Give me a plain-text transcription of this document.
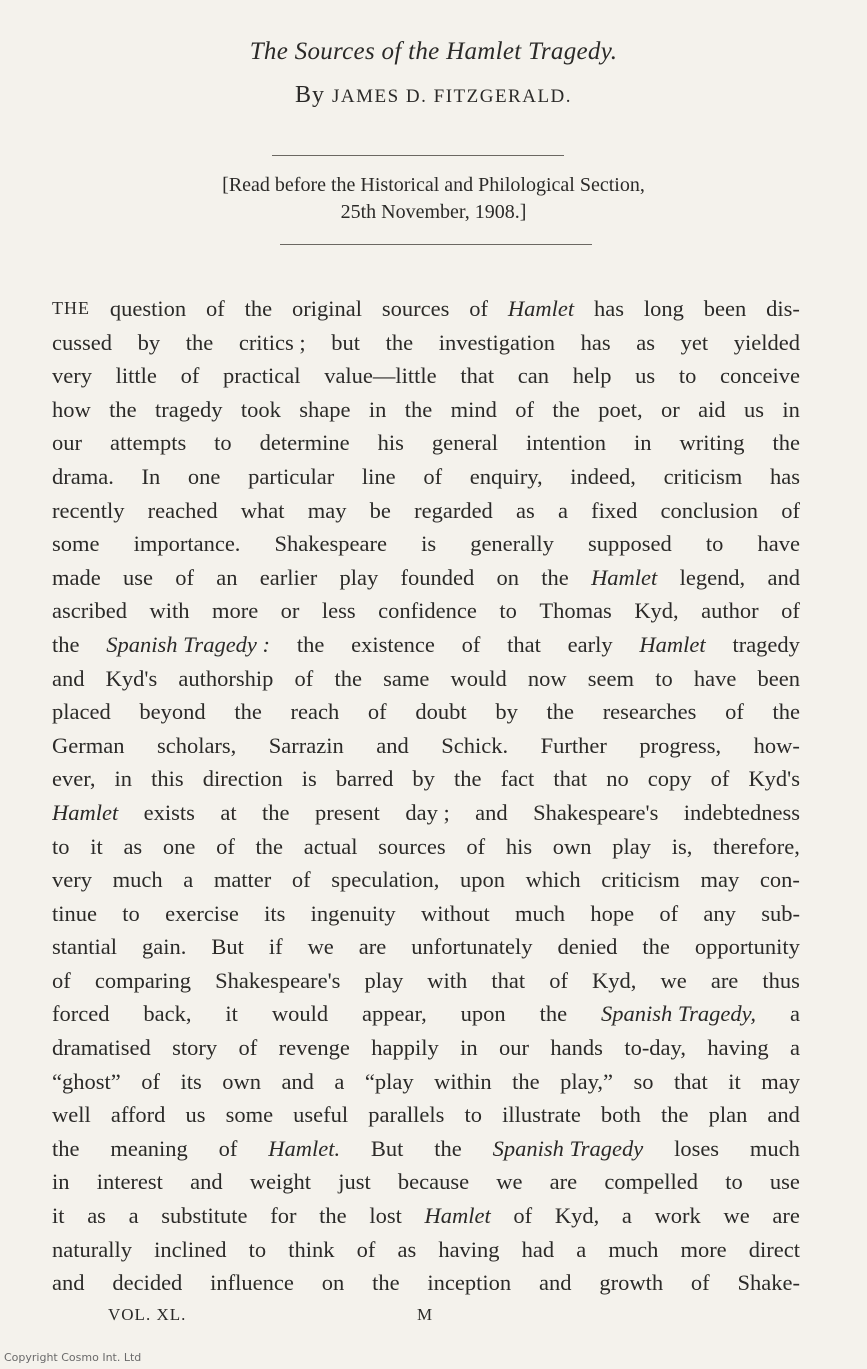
The Sources of the Hamlet Tragedy.
By JAMES D. FITZGERALD.
[Read before the Historical and Philological Section,
25th November, 1908.]
THE question of the original sources of Hamlet has long been dis-
cussed by the critics ; but the investigation has as yet yielded
very little of practical value—little that can help us to conceive
how the tragedy took shape in the mind of the poet, or aid us in
our attempts to determine his general intention in writing the
drama. In one particular line of enquiry, indeed, criticism has
recently reached what may be regarded as a fixed conclusion of
some importance. Shakespeare is generally supposed to have
made use of an earlier play founded on the Hamlet legend, and
ascribed with more or less confidence to Thomas Kyd, author of
the Spanish Tragedy : the existence of that early Hamlet tragedy
and Kyd's authorship of the same would now seem to have been
placed beyond the reach of doubt by the researches of the
German scholars, Sarrazin and Schick. Further progress, how-
ever, in this direction is barred by the fact that no copy of Kyd's
Hamlet exists at the present day ; and Shakespeare's indebtedness
to it as one of the actual sources of his own play is, therefore,
very much a matter of speculation, upon which criticism may con-
tinue to exercise its ingenuity without much hope of any sub-
stantial gain. But if we are unfortunately denied the opportunity
of comparing Shakespeare's play with that of Kyd, we are thus
forced back, it would appear, upon the Spanish Tragedy, a
dramatised story of revenge happily in our hands to-day, having a
“ghost” of its own and a “play within the play,” so that it may
well afford us some useful parallels to illustrate both the plan and
the meaning of Hamlet. But the Spanish Tragedy loses much
in interest and weight just because we are compelled to use
it as a substitute for the lost Hamlet of Kyd, a work we are
naturally inclined to think of as having had a much more direct
and decided influence on the inception and growth of Shake-
VOL. XL.	M
Copyright Cosmo Int. Ltd
